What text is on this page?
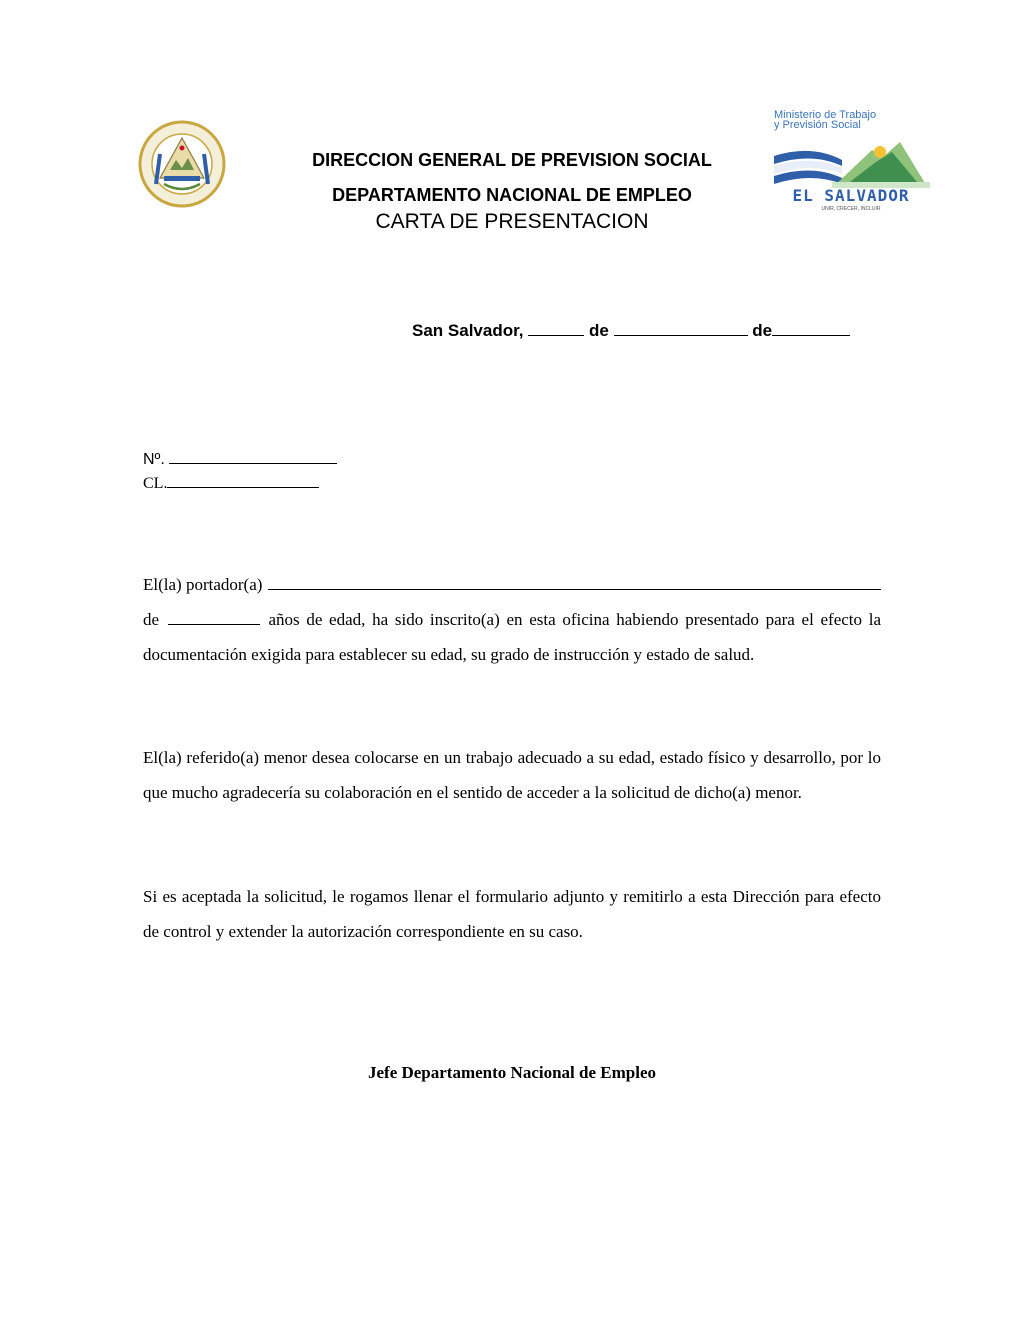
Ministerio de Trabajo
y Previsión Social
EL SALVADOR
UNIR, CRECER, INCLUIR
DIRECCION GENERAL DE PREVISION SOCIAL
DEPARTAMENTO NACIONAL DE EMPLEO
CARTA DE PRESENTACION
San Salvador,	de	de
Nº.
CL.
El(la) portador(a)
de	años de edad, ha sido inscrito(a) en esta oficina habiendo presentado para el efecto la documentación exigida para establecer su edad, su grado de instrucción y estado de salud.
El(la) referido(a) menor desea colocarse en un trabajo adecuado a su edad, estado físico y desarrollo, por lo que mucho agradecería su colaboración en el sentido de acceder a la solicitud de dicho(a) menor.
Si es aceptada la solicitud, le rogamos llenar el formulario adjunto y remitirlo a esta Dirección para efecto de control y extender la autorización correspondiente en su caso.
Jefe Departamento Nacional de Empleo
